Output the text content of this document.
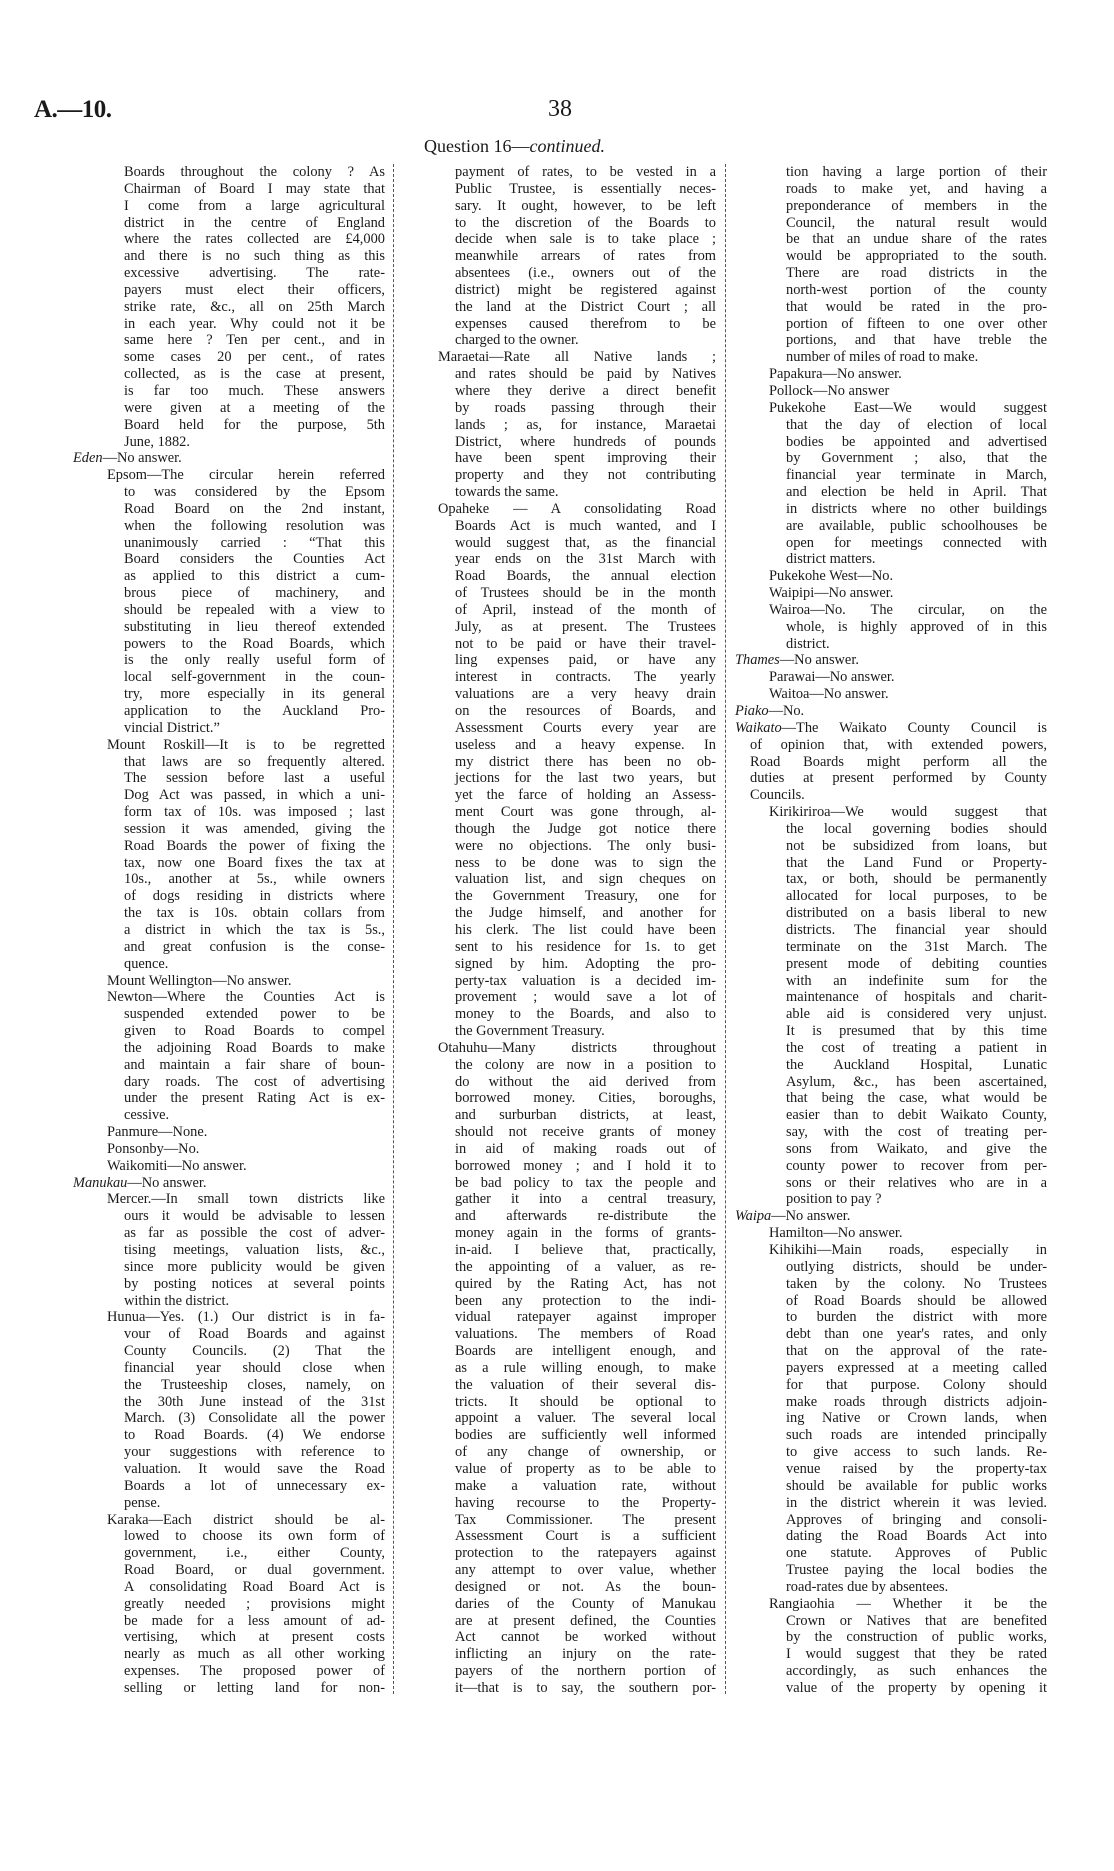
A.—10.	38
Question 16—continued.
Boards throughout the colony ? As
Chairman of Board I may state that
I come from a large agricultural
district in the centre of England
where the rates collected are £4,000
and there is no such thing as this
excessive advertising. The rate-
payers must elect their officers,
strike rate, &c., all on 25th March
in each year. Why could not it be
same here ? Ten per cent., and in
some cases 20 per cent., of rates
collected, as is the case at present,
is far too much. These answers
were given at a meeting of the
Board held for the purpose, 5th
June, 1882.
Eden—No answer.
Epsom—The circular herein referred
to was considered by the Epsom
Road Board on the 2nd instant,
when the following resolution was
unanimously carried : “That this
Board considers the Counties Act
as applied to this district a cum-
brous piece of machinery, and
should be repealed with a view to
substituting in lieu thereof extended
powers to the Road Boards, which
is the only really useful form of
local self-government in the coun-
try, more especially in its general
application to the Auckland Pro-
vincial District.”
Mount Roskill—It is to be regretted
that laws are so frequently altered.
The session before last a useful
Dog Act was passed, in which a uni-
form tax of 10s. was imposed ; last
session it was amended, giving the
Road Boards the power of fixing the
tax, now one Board fixes the tax at
10s., another at 5s., while owners
of dogs residing in districts where
the tax is 10s. obtain collars from
a district in which the tax is 5s.,
and great confusion is the conse-
quence.
Mount Wellington—No answer.
Newton—Where the Counties Act is
suspended extended power to be
given to Road Boards to compel
the adjoining Road Boards to make
and maintain a fair share of boun-
dary roads. The cost of advertising
under the present Rating Act is ex-
cessive.
Panmure—None.
Ponsonby—No.
Waikomiti—No answer.
Manukau—No answer.
Mercer.—In small town districts like
ours it would be advisable to lessen
as far as possible the cost of adver-
tising meetings, valuation lists, &c.,
since more publicity would be given
by posting notices at several points
within the district.
Hunua—Yes. (1.) Our district is in fa-
vour of Road Boards and against
County Councils. (2) That the
financial year should close when
the Trusteeship closes, namely, on
the 30th June instead of the 31st
March. (3) Consolidate all the power
to Road Boards. (4) We endorse
your suggestions with reference to
valuation. It would save the Road
Boards a lot of unnecessary ex-
pense.
Karaka—Each district should be al-
lowed to choose its own form of
government, i.e., either County,
Road Board, or dual government.
A consolidating Road Board Act is
greatly needed ; provisions might
be made for a less amount of ad-
vertising, which at present costs
nearly as much as all other working
expenses. The proposed power of
selling or letting land for non-
payment of rates, to be vested in a
Public Trustee, is essentially neces-
sary. It ought, however, to be left
to the discretion of the Boards to
decide when sale is to take place ;
meanwhile arrears of rates from
absentees (i.e., owners out of the
district) might be registered against
the land at the District Court ; all
expenses caused therefrom to be
charged to the owner.
Maraetai—Rate all Native lands ;
and rates should be paid by Natives
where they derive a direct benefit
by roads passing through their
lands ; as, for instance, Maraetai
District, where hundreds of pounds
have been spent improving their
property and they not contributing
towards the same.
Opaheke — A consolidating Road
Boards Act is much wanted, and I
would suggest that, as the financial
year ends on the 31st March with
Road Boards, the annual election
of Trustees should be in the month
of April, instead of the month of
July, as at present. The Trustees
not to be paid or have their travel-
ling expenses paid, or have any
interest in contracts. The yearly
valuations are a very heavy drain
on the resources of Boards, and
Assessment Courts every year are
useless and a heavy expense. In
my district there has been no ob-
jections for the last two years, but
yet the farce of holding an Assess-
ment Court was gone through, al-
though the Judge got notice there
were no objections. The only busi-
ness to be done was to sign the
valuation list, and sign cheques on
the Government Treasury, one for
the Judge himself, and another for
his clerk. The list could have been
sent to his residence for 1s. to get
signed by him. Adopting the pro-
perty-tax valuation is a decided im-
provement ; would save a lot of
money to the Boards, and also to
the Government Treasury.
Otahuhu—Many districts throughout
the colony are now in a position to
do without the aid derived from
borrowed money. Cities, boroughs,
and surburban districts, at least,
should not receive grants of money
in aid of making roads out of
borrowed money ; and I hold it to
be bad policy to tax the people and
gather it into a central treasury,
and afterwards re-distribute the
money again in the forms of grants-
in-aid. I believe that, practically,
the appointing of a valuer, as re-
quired by the Rating Act, has not
been any protection to the indi-
vidual ratepayer against improper
valuations. The members of Road
Boards are intelligent enough, and
as a rule willing enough, to make
the valuation of their several dis-
tricts. It should be optional to
appoint a valuer. The several local
bodies are sufficiently well informed
of any change of ownership, or
value of property as to be able to
make a valuation rate, without
having recourse to the Property-
Tax Commissioner. The present
Assessment Court is a sufficient
protection to the ratepayers against
any attempt to over value, whether
designed or not. As the boun-
daries of the County of Manukau
are at present defined, the Counties
Act cannot be worked without
inflicting an injury on the rate-
payers of the northern portion of
it—that is to say, the southern por-
tion having a large portion of their
roads to make yet, and having a
preponderance of members in the
Council, the natural result would
be that an undue share of the rates
would be appropriated to the south.
There are road districts in the
north-west portion of the county
that would be rated in the pro-
portion of fifteen to one over other
portions, and that have treble the
number of miles of road to make.
Papakura—No answer.
Pollock—No answer
Pukekohe East—We would suggest
that the day of election of local
bodies be appointed and advertised
by Government ; also, that the
financial year terminate in March,
and election be held in April. That
in districts where no other buildings
are available, public schoolhouses be
open for meetings connected with
district matters.
Pukekohe West—No.
Waipipi—No answer.
Wairoa—No. The circular, on the
whole, is highly approved of in this
district.
Thames—No answer.
Parawai—No answer.
Waitoa—No answer.
Piako—No.
Waikato—The Waikato County Council is
of opinion that, with extended powers,
Road Boards might perform all the
duties at present performed by County
Councils.
Kirikiriroa—We would suggest that
the local governing bodies should
not be subsidized from loans, but
that the Land Fund or Property-
tax, or both, should be permanently
allocated for local purposes, to be
distributed on a basis liberal to new
districts. The financial year should
terminate on the 31st March. The
present mode of debiting counties
with an indefinite sum for the
maintenance of hospitals and charit-
able aid is considered very unjust.
It is presumed that by this time
the cost of treating a patient in
the Auckland Hospital, Lunatic
Asylum, &c., has been ascertained,
that being the case, what would be
easier than to debit Waikato County,
say, with the cost of treating per-
sons from Waikato, and give the
county power to recover from per-
sons or their relatives who are in a
position to pay ?
Waipa—No answer.
Hamilton—No answer.
Kihikihi—Main roads, especially in
outlying districts, should be under-
taken by the colony. No Trustees
of Road Boards should be allowed
to burden the district with more
debt than one year's rates, and only
that on the approval of the rate-
payers expressed at a meeting called
for that purpose. Colony should
make roads through districts adjoin-
ing Native or Crown lands, when
such roads are intended principally
to give access to such lands. Re-
venue raised by the property-tax
should be available for public works
in the district wherein it was levied.
Approves of bringing and consoli-
dating the Road Boards Act into
one statute. Approves of Public
Trustee paying the local bodies the
road-rates due by absentees.
Rangiaohia — Whether it be the
Crown or Natives that are benefited
by the construction of public works,
I would suggest that they be rated
accordingly, as such enhances the
value of the property by opening it
